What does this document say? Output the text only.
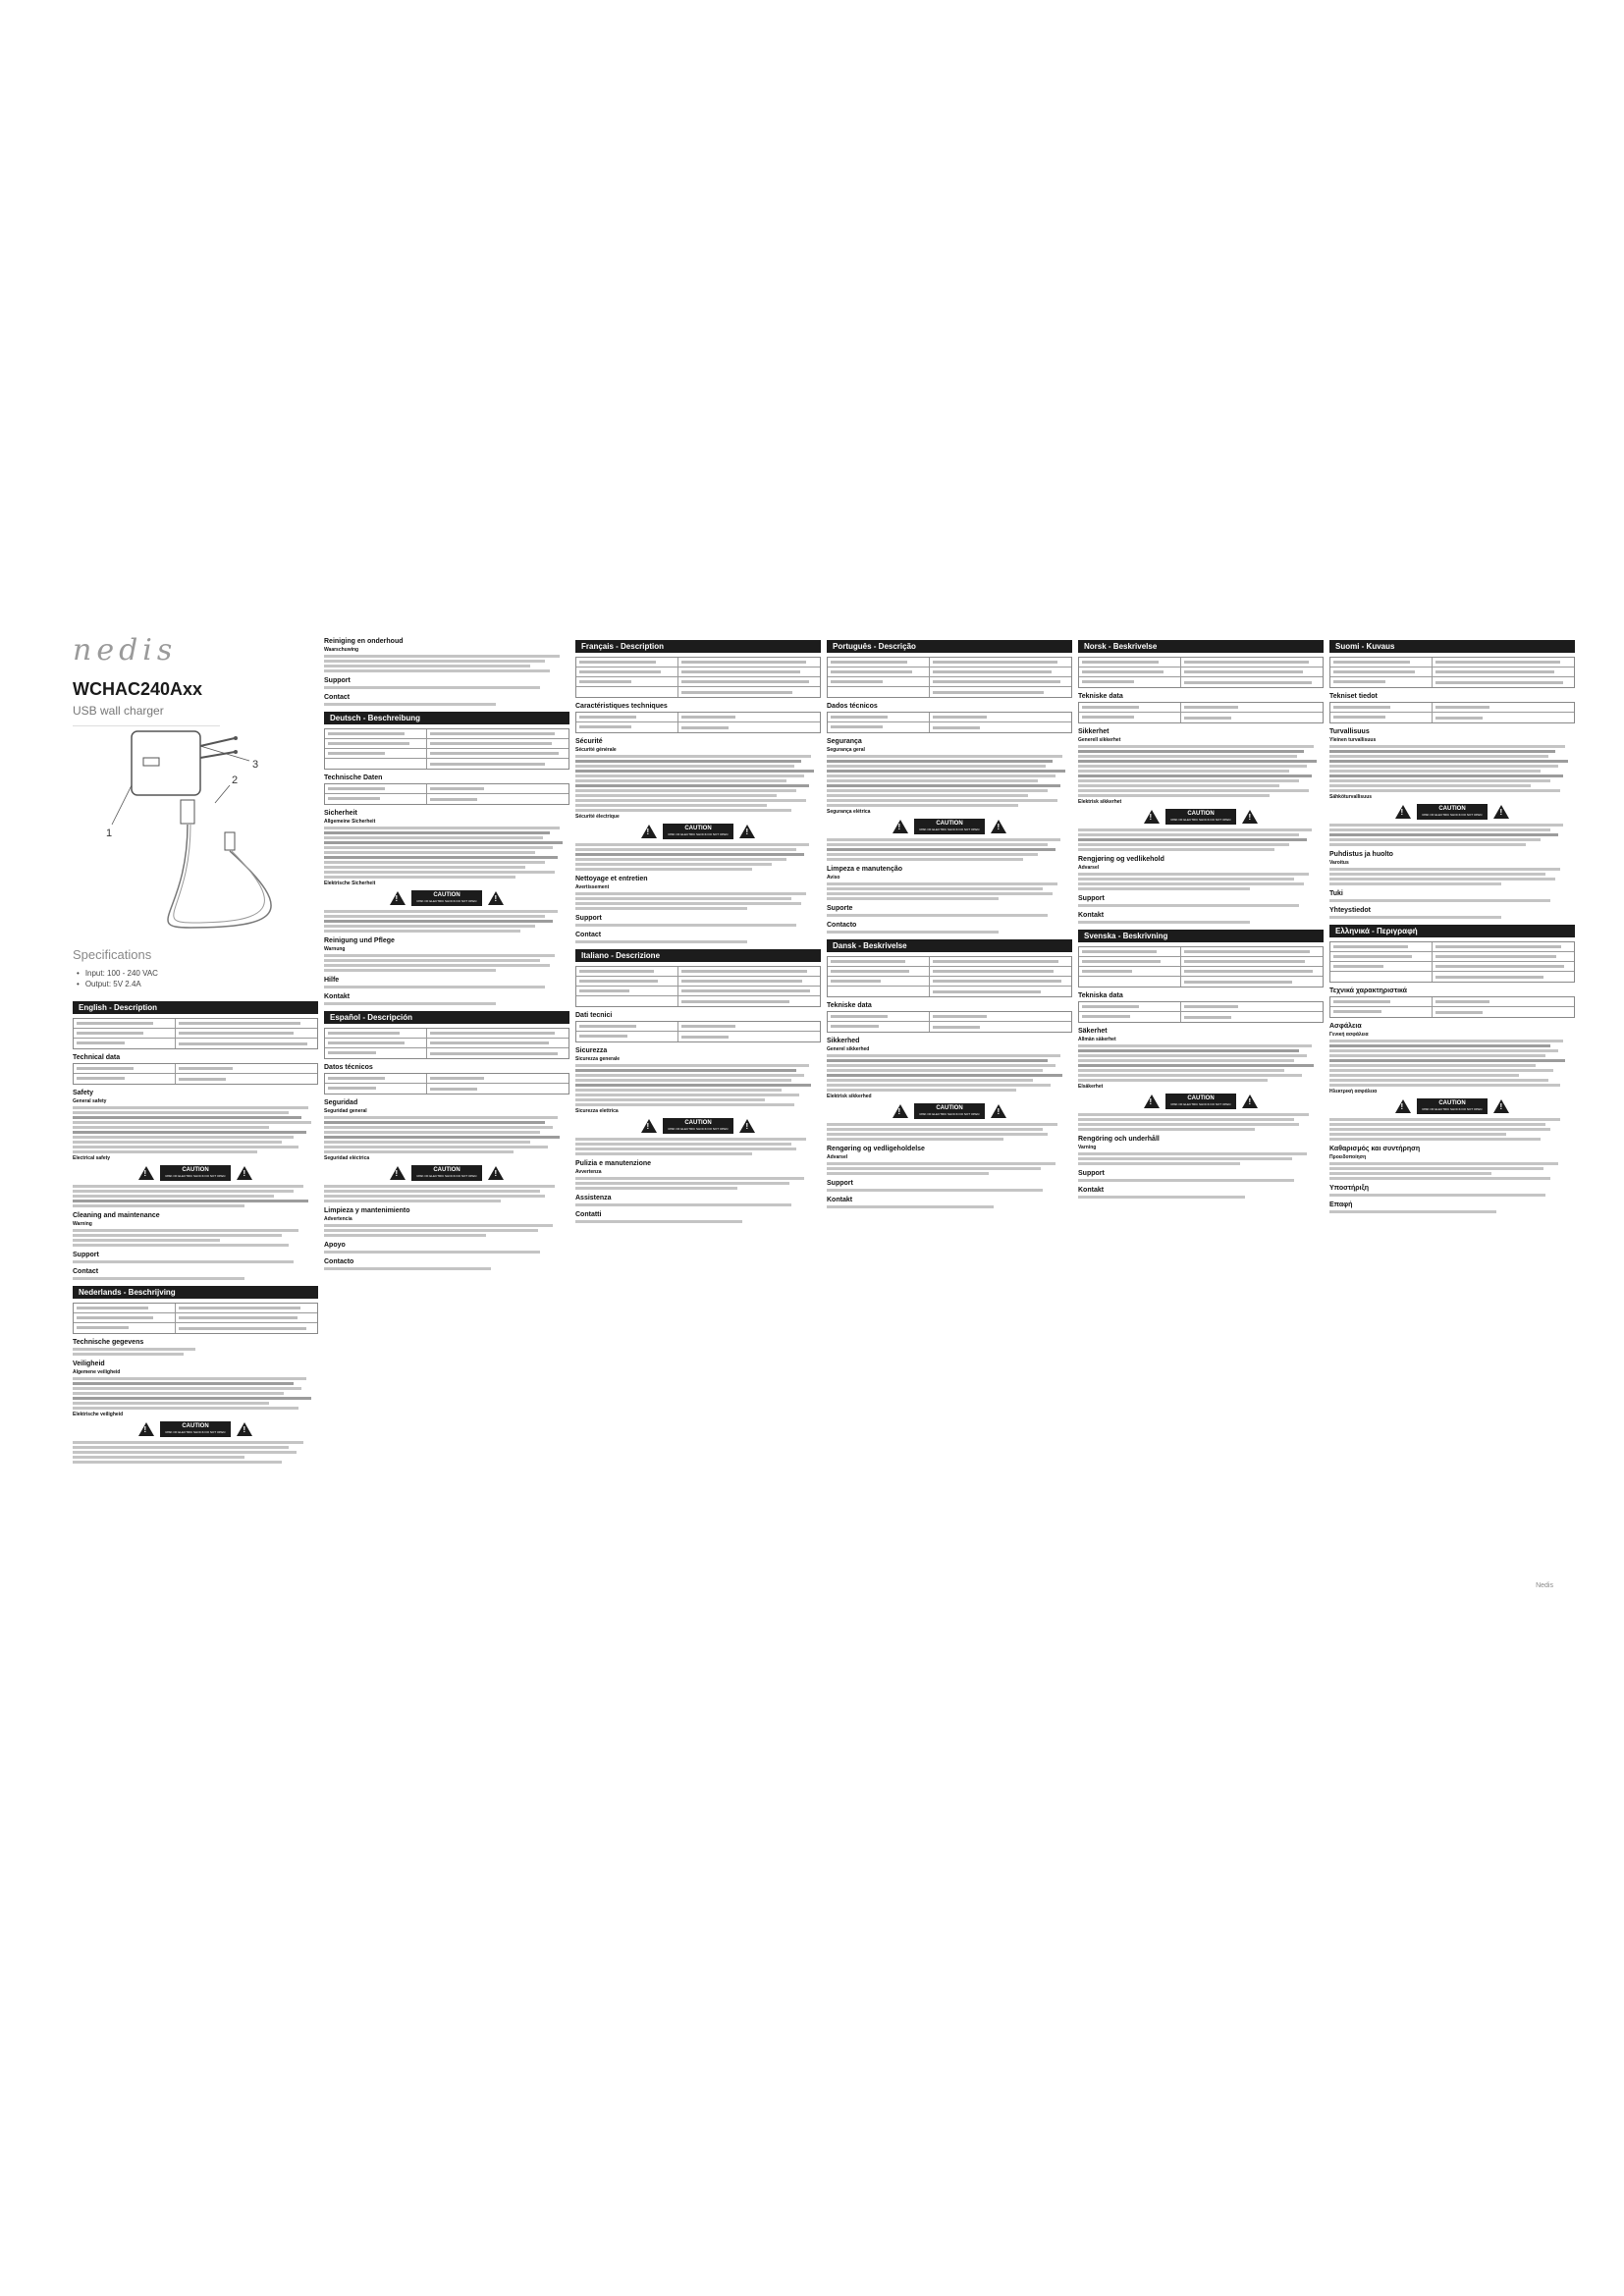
nedis
WCHAC240Axx
USB wall charger
1
2
3
Specifications
• Input: 100 - 240 VAC
• Output: 5V 2.4A
English - Description
Technical data
Safety
General safety
Electrical safety
!
CAUTION
RISK OF ELECTRIC SHOCK DO NOT OPEN
!
Cleaning and maintenance
Warning
Support
Contact
Nederlands - Beschrijving
Technische gegevens
Veiligheid
Algemene veiligheid
Elektrische veiligheid
!
CAUTION
RISK OF ELECTRIC SHOCK DO NOT OPEN
!
Reiniging en onderhoud
Waarschuwing
Support
Contact
Deutsch - Beschreibung
Technische Daten
Sicherheit
Allgemeine Sicherheit
Elektrische Sicherheit
!
CAUTION
RISK OF ELECTRIC SHOCK DO NOT OPEN
!
Reinigung und Pflege
Warnung
Hilfe
Kontakt
Español - Descripción
Datos técnicos
Seguridad
Seguridad general
Seguridad eléctrica
!
CAUTION
RISK OF ELECTRIC SHOCK DO NOT OPEN
!
Limpieza y mantenimiento
Advertencia
Apoyo
Contacto
Français - Description
Caractéristiques techniques
Sécurité
Sécurité générale
Sécurité électrique
!
CAUTION
RISK OF ELECTRIC SHOCK DO NOT OPEN
!
Nettoyage et entretien
Avertissement
Support
Contact
Italiano - Descrizione
Dati tecnici
Sicurezza
Sicurezza generale
Sicurezza elettrica
!
CAUTION
RISK OF ELECTRIC SHOCK DO NOT OPEN
!
Pulizia e manutenzione
Avvertenza
Assistenza
Contatti
Português - Descrição
Dados técnicos
Segurança
Segurança geral
Segurança elétrica
!
CAUTION
RISK OF ELECTRIC SHOCK DO NOT OPEN
!
Limpeza e manutenção
Aviso
Suporte
Contacto
Dansk - Beskrivelse
Tekniske data
Sikkerhed
Generel sikkerhed
Elektrisk sikkerhed
!
CAUTION
RISK OF ELECTRIC SHOCK DO NOT OPEN
!
Rengøring og vedligeholdelse
Advarsel
Support
Kontakt
Norsk - Beskrivelse
Tekniske data
Sikkerhet
Generell sikkerhet
Elektrisk sikkerhet
!
CAUTION
RISK OF ELECTRIC SHOCK DO NOT OPEN
!
Rengjøring og vedlikehold
Advarsel
Support
Kontakt
Svenska - Beskrivning
Tekniska data
Säkerhet
Allmän säkerhet
Elsäkerhet
!
CAUTION
RISK OF ELECTRIC SHOCK DO NOT OPEN
!
Rengöring och underhåll
Varning
Support
Kontakt
Suomi - Kuvaus
Tekniset tiedot
Turvallisuus
Yleinen turvallisuus
Sähköturvallisuus
!
CAUTION
RISK OF ELECTRIC SHOCK DO NOT OPEN
!
Puhdistus ja huolto
Varoitus
Tuki
Yhteystiedot
Ελληνικά - Περιγραφή
Τεχνικά χαρακτηριστικά
Ασφάλεια
Γενική ασφάλεια
Ηλεκτρική ασφάλεια
!
CAUTION
RISK OF ELECTRIC SHOCK DO NOT OPEN
!
Καθαρισμός και συντήρηση
Προειδοποίηση
Υποστήριξη
Επαφή
Nedis
